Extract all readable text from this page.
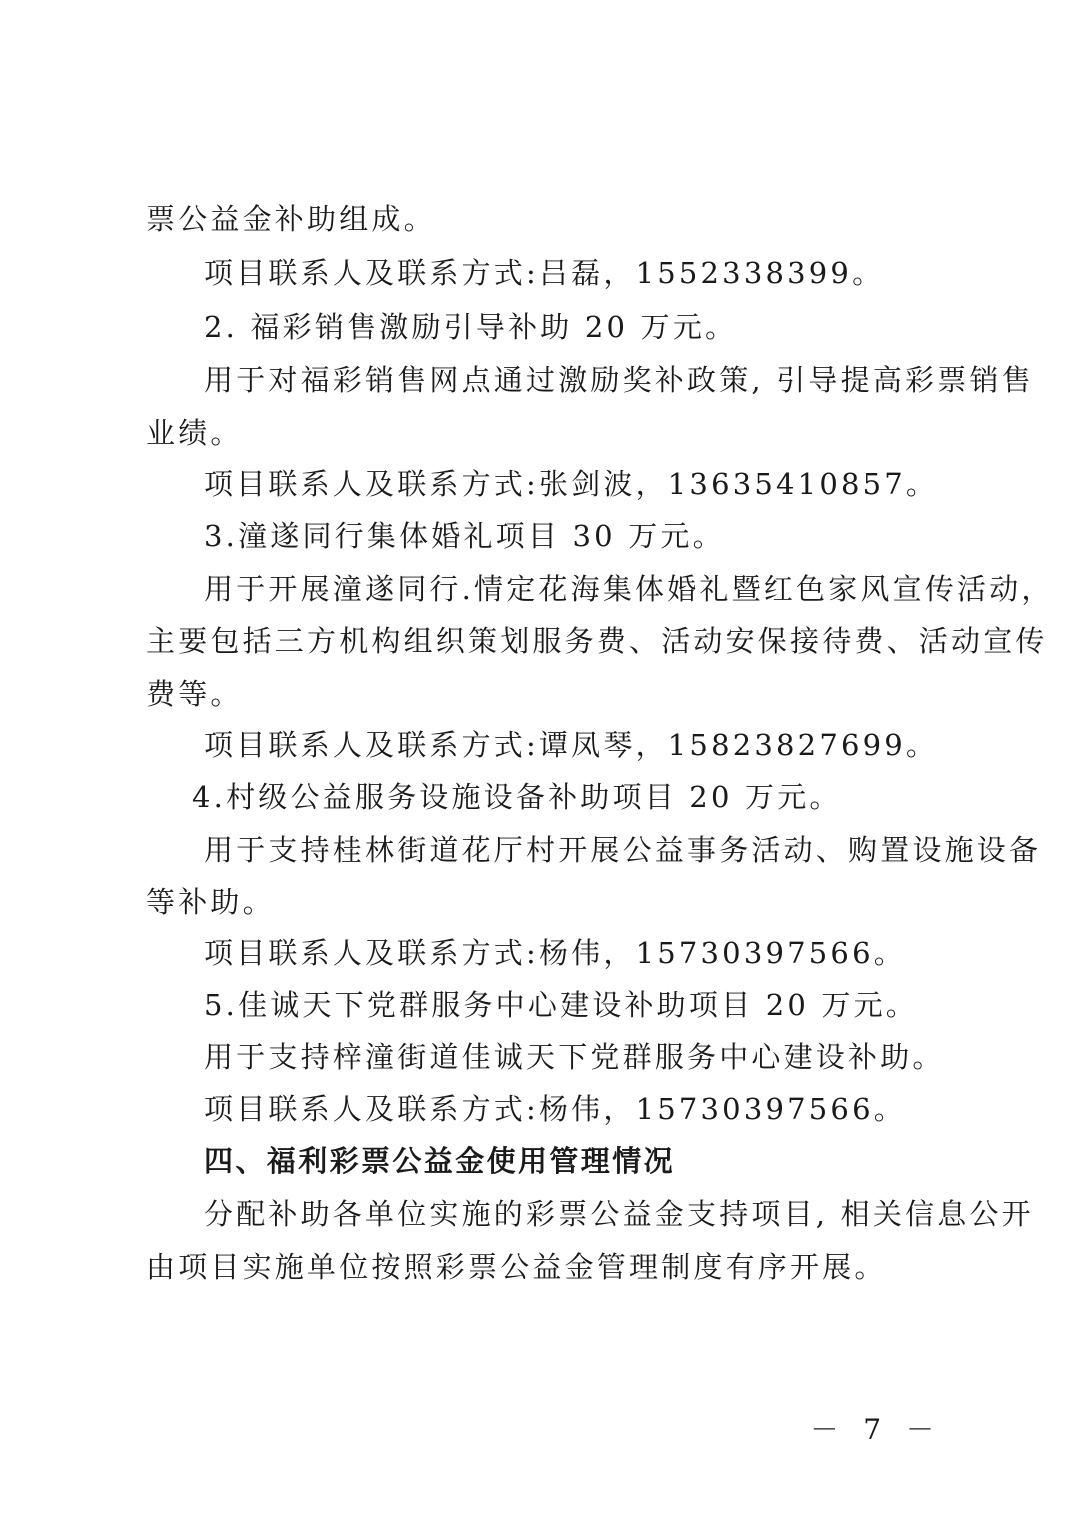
票公益金补助组成。
项目联系人及联系方式:吕磊，1552338399。
2. 福彩销售激励引导补助 20 万元。
用于对福彩销售网点通过激励奖补政策, 引导提高彩票销售
业绩。
项目联系人及联系方式:张剑波，13635410857。
3.潼遂同行集体婚礼项目 30 万元。
用于开展潼遂同行.情定花海集体婚礼暨红色家风宣传活动，
主要包括三方机构组织策划服务费、活动安保接待费、活动宣传
费等。
项目联系人及联系方式:谭凤琴，15823827699。
4.村级公益服务设施设备补助项目 20 万元。
用于支持桂林街道花厅村开展公益事务活动、购置设施设备
等补助。
项目联系人及联系方式:杨伟，15730397566。
5.佳诚天下党群服务中心建设补助项目 20 万元。
用于支持梓潼街道佳诚天下党群服务中心建设补助。
项目联系人及联系方式:杨伟，15730397566。
四、福利彩票公益金使用管理情况
分配补助各单位实施的彩票公益金支持项目, 相关信息公开
由项目实施单位按照彩票公益金管理制度有序开展。
－ 7 －
